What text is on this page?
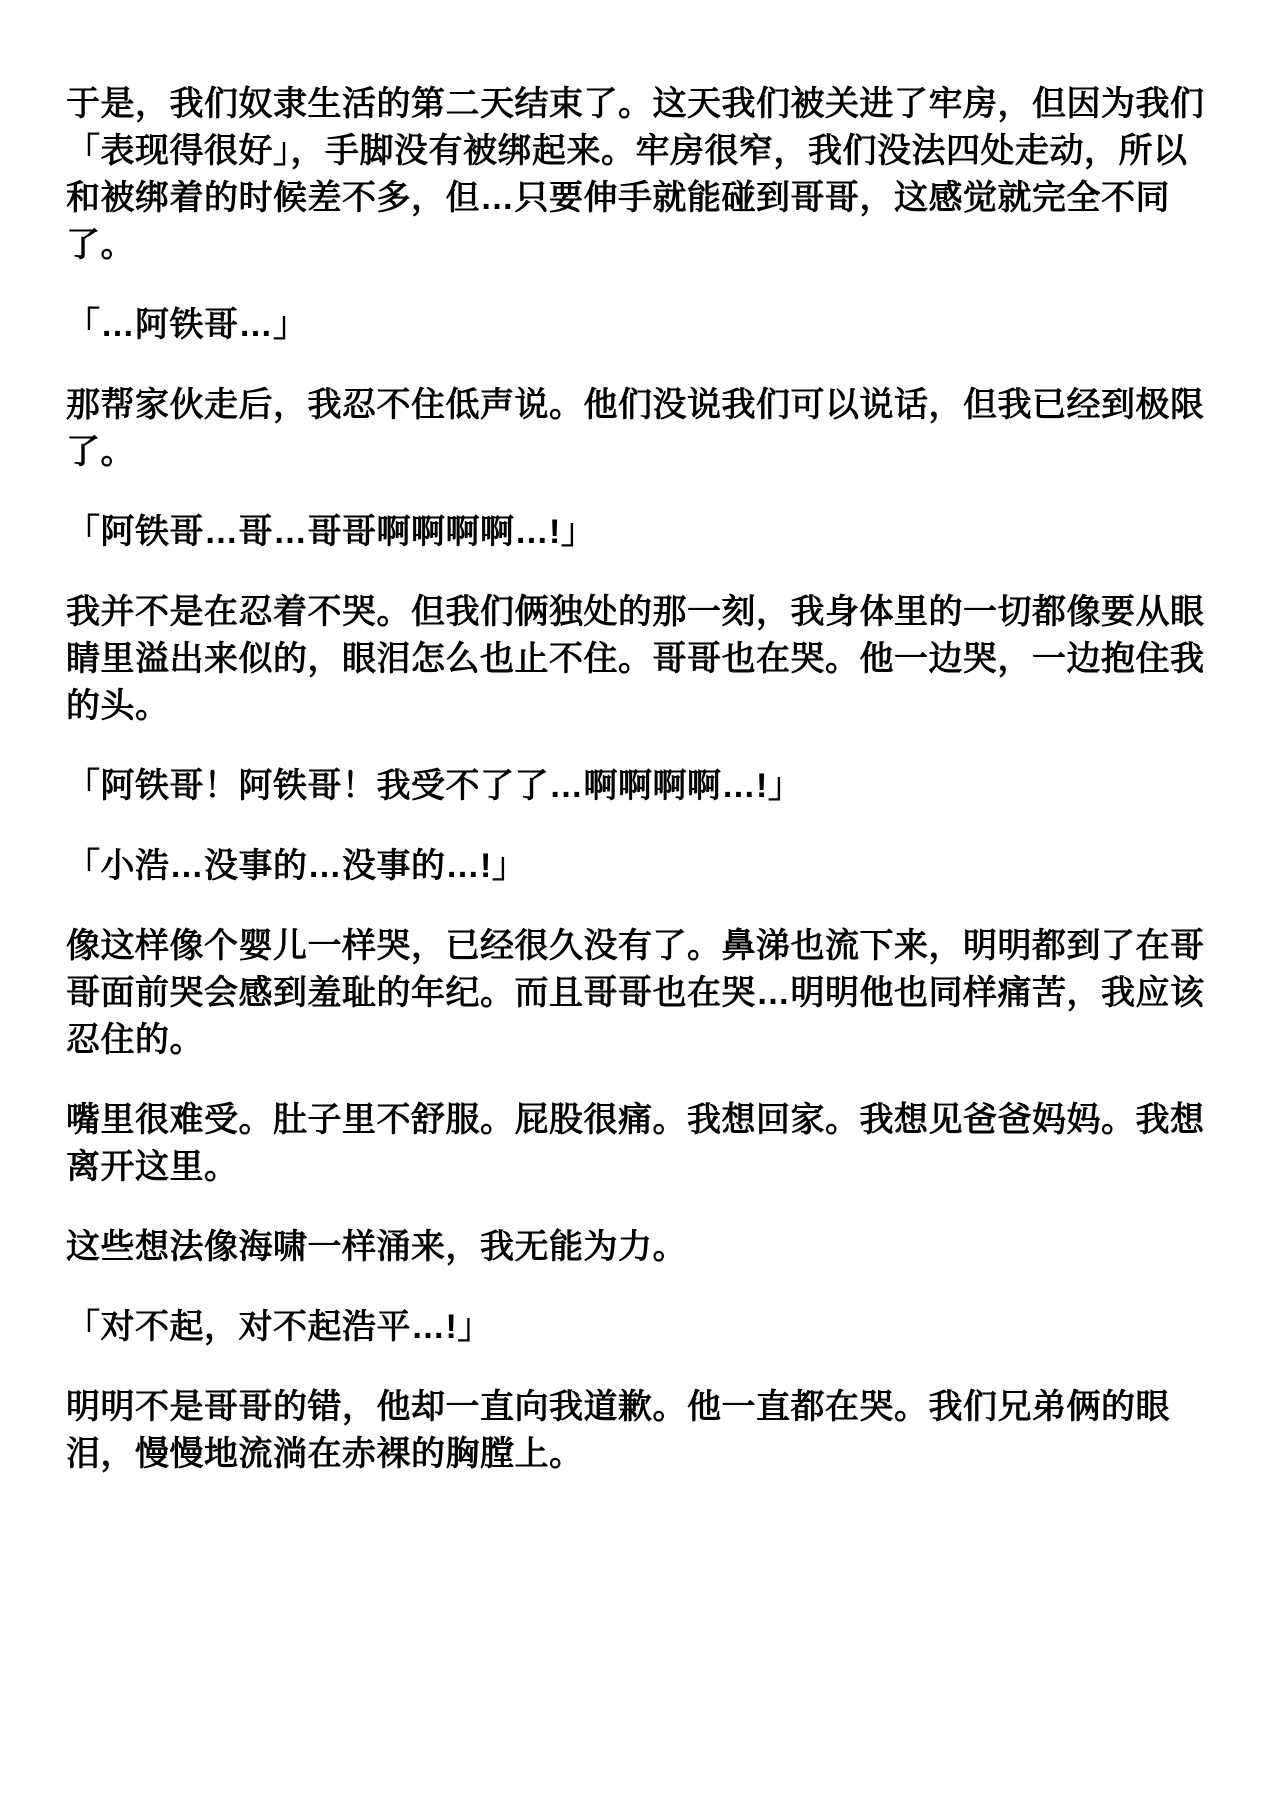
于是，我们奴隶生活的第二天结束了。这天我们被关进了牢房，但因为我们「表现得很好」，手脚没有被绑起来。牢房很窄，我们没法四处走动，所以和被绑着的时候差不多，但…只要伸手就能碰到哥哥，这感觉就完全不同了。

「…阿铁哥…」

那帮家伙走后，我忍不住低声说。他们没说我们可以说话，但我已经到极限了。

「阿铁哥…哥…哥哥啊啊啊啊…!」

我并不是在忍着不哭。但我们俩独处的那一刻，我身体里的一切都像要从眼睛里溢出来似的，眼泪怎么也止不住。哥哥也在哭。他一边哭，一边抱住我的头。

「阿铁哥！阿铁哥！我受不了了…啊啊啊啊…!」

「小浩…没事的…没事的…!」

像这样像个婴儿一样哭，已经很久没有了。鼻涕也流下来，明明都到了在哥哥面前哭会感到羞耻的年纪。而且哥哥也在哭…明明他也同样痛苦，我应该忍住的。

嘴里很难受。肚子里不舒服。屁股很痛。我想回家。我想见爸爸妈妈。我想离开这里。

这些想法像海啸一样涌来，我无能为力。

「对不起，对不起浩平…!」

明明不是哥哥的错，他却一直向我道歉。他一直都在哭。我们兄弟俩的眼泪，慢慢地流淌在赤裸的胸膛上。
